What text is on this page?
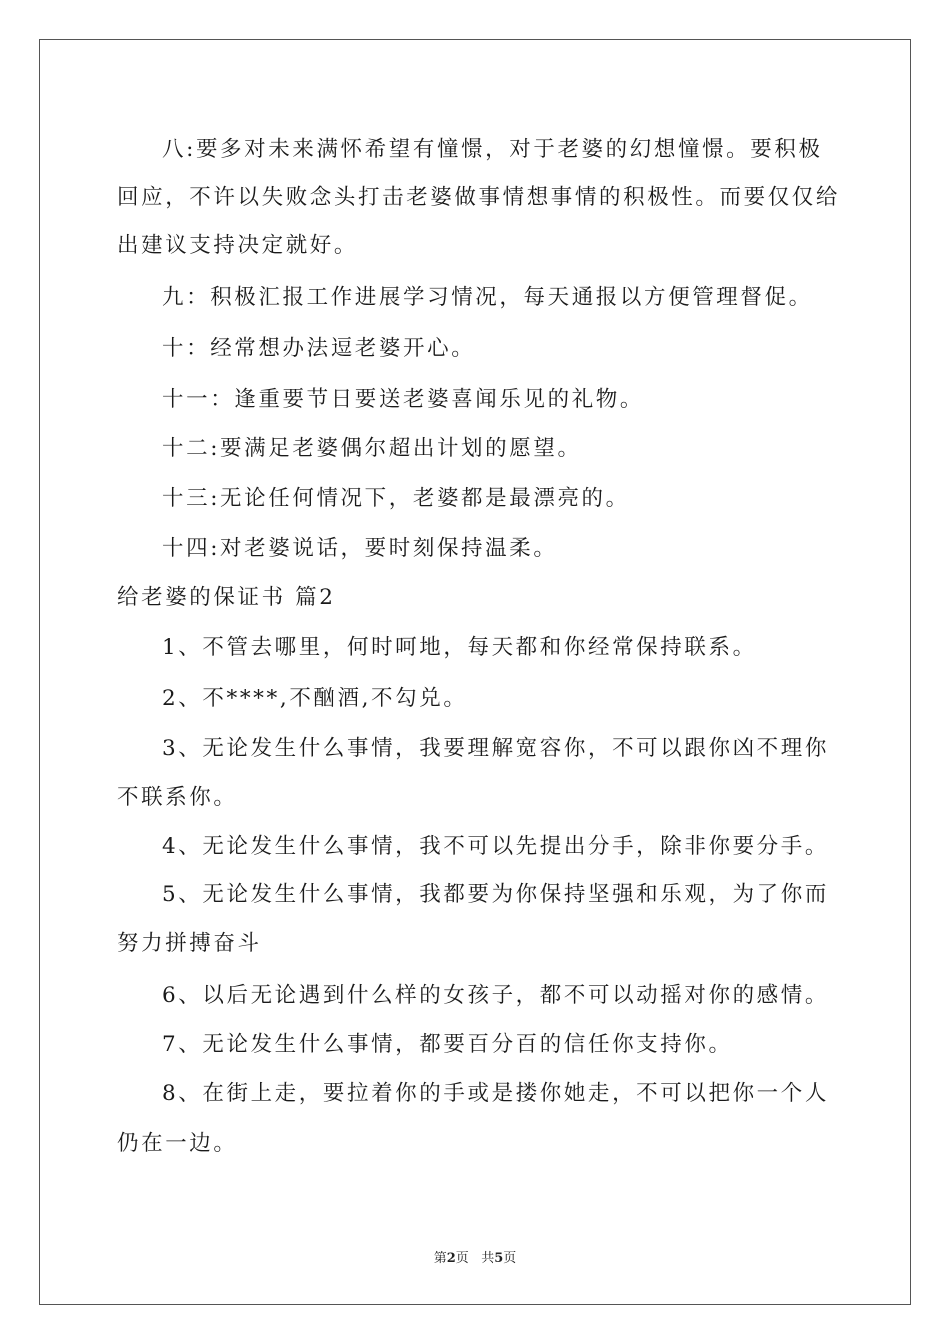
八:要多对未来满怀希望有憧憬，对于老婆的幻想憧憬。要积极
回应，不许以失败念头打击老婆做事情想事情的积极性。而要仅仅给
出建议支持决定就好。
九：积极汇报工作进展学习情况，每天通报以方便管理督促。
十：经常想办法逗老婆开心。
十一：逢重要节日要送老婆喜闻乐见的礼物。
十二:要满足老婆偶尔超出计划的愿望。
十三:无论任何情况下，老婆都是最漂亮的。
十四:对老婆说话，要时刻保持温柔。
给老婆的保证书 篇2
1、不管去哪里，何时呵地，每天都和你经常保持联系。
2、不****,不酗酒,不勾兑。
3、无论发生什么事情，我要理解宽容你，不可以跟你凶不理你
不联系你。
4、无论发生什么事情，我不可以先提出分手，除非你要分手。
5、无论发生什么事情，我都要为你保持坚强和乐观，为了你而
努力拼搏奋斗
6、以后无论遇到什么样的女孩子，都不可以动摇对你的感情。
7、无论发生什么事情，都要百分百的信任你支持你。
8、在街上走，要拉着你的手或是搂你她走，不可以把你一个人
仍在一边。
第2页 共5页
